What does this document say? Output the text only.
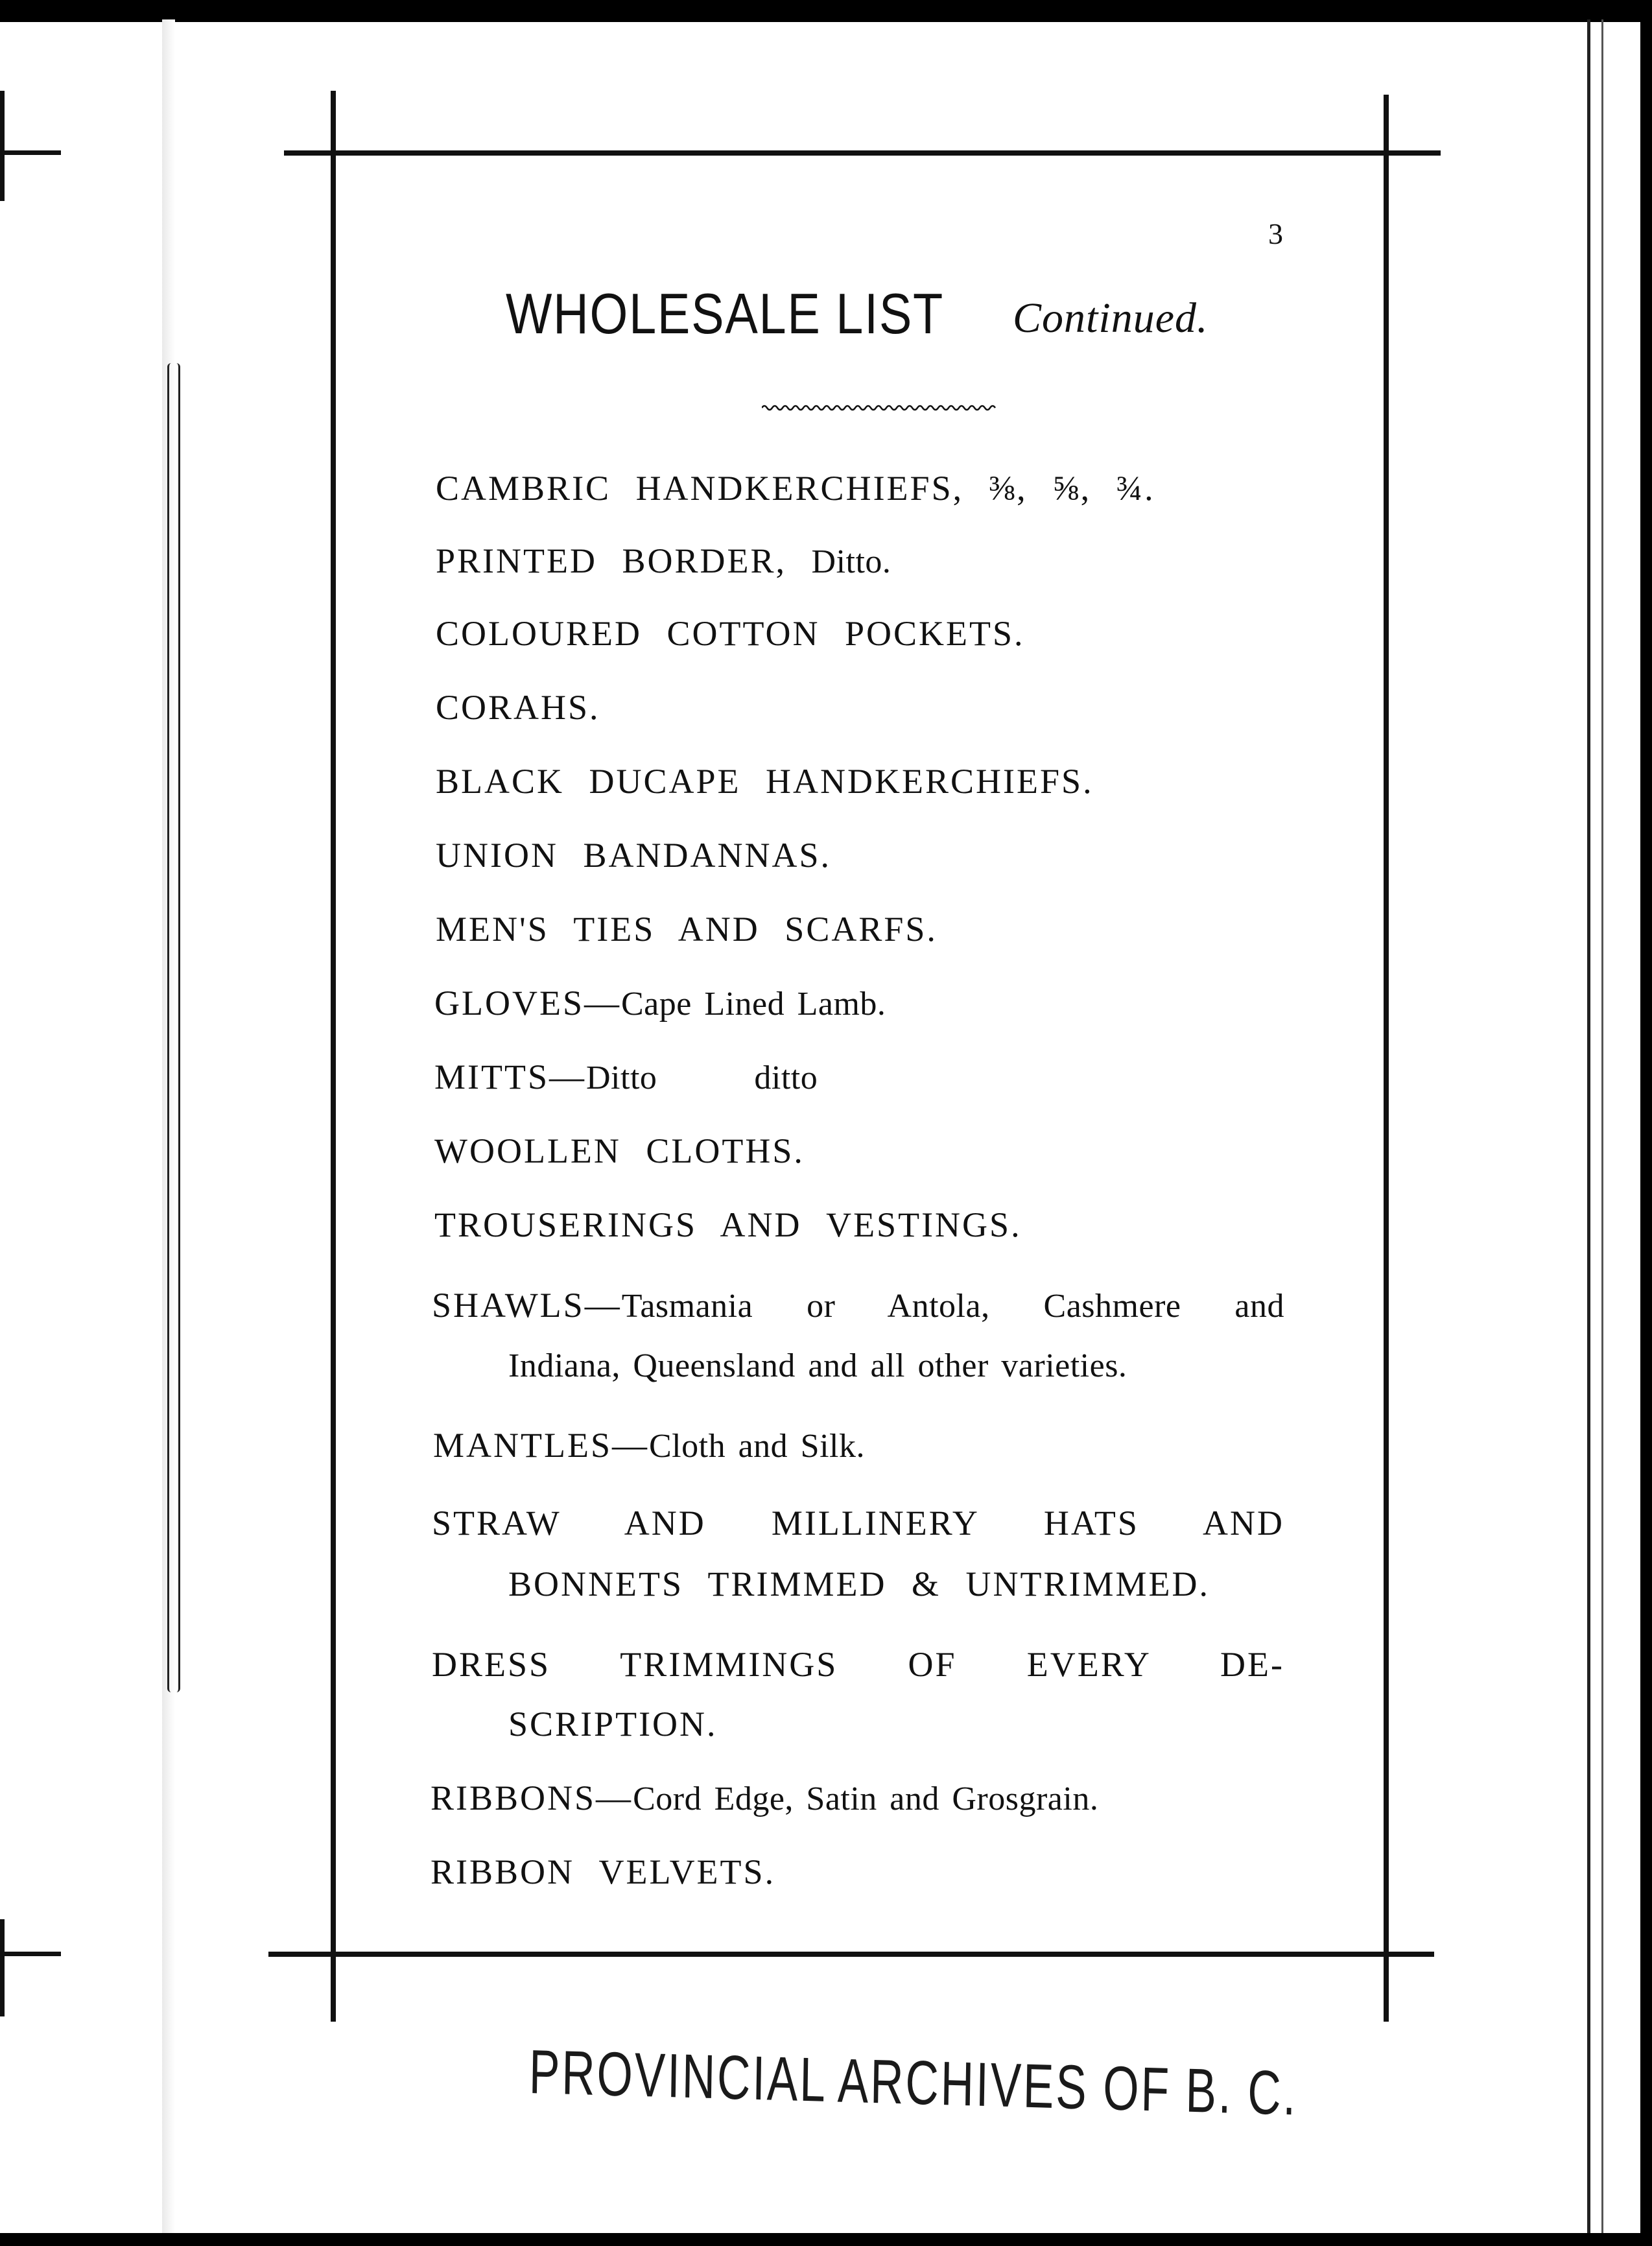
3
WHOLESALE LIST Continued.
CAMBRIC HANDKERCHIEFS, ⅜, ⅝, ¾.
PRINTED BORDER, Ditto.
COLOURED COTTON POCKETS.
CORAHS.
BLACK DUCAPE HANDKERCHIEFS.
UNION BANDANNAS.
MEN'S TIES AND SCARFS.
GLOVES—Cape Lined Lamb.
MITTS—Ditto	ditto
WOOLLEN CLOTHS.
TROUSERINGS AND VESTINGS.
SHAWLS—Tasmania or Antola, Cashmere and
Indiana, Queensland and all other varieties.
MANTLES—Cloth and Silk.
STRAW AND MILLINERY HATS AND
BONNETS TRIMMED & UNTRIMMED.
DRESS TRIMMINGS OF EVERY DE-
SCRIPTION.
RIBBONS—Cord Edge, Satin and Grosgrain.
RIBBON VELVETS.
PROVINCIAL ARCHIVES OF B. C.
